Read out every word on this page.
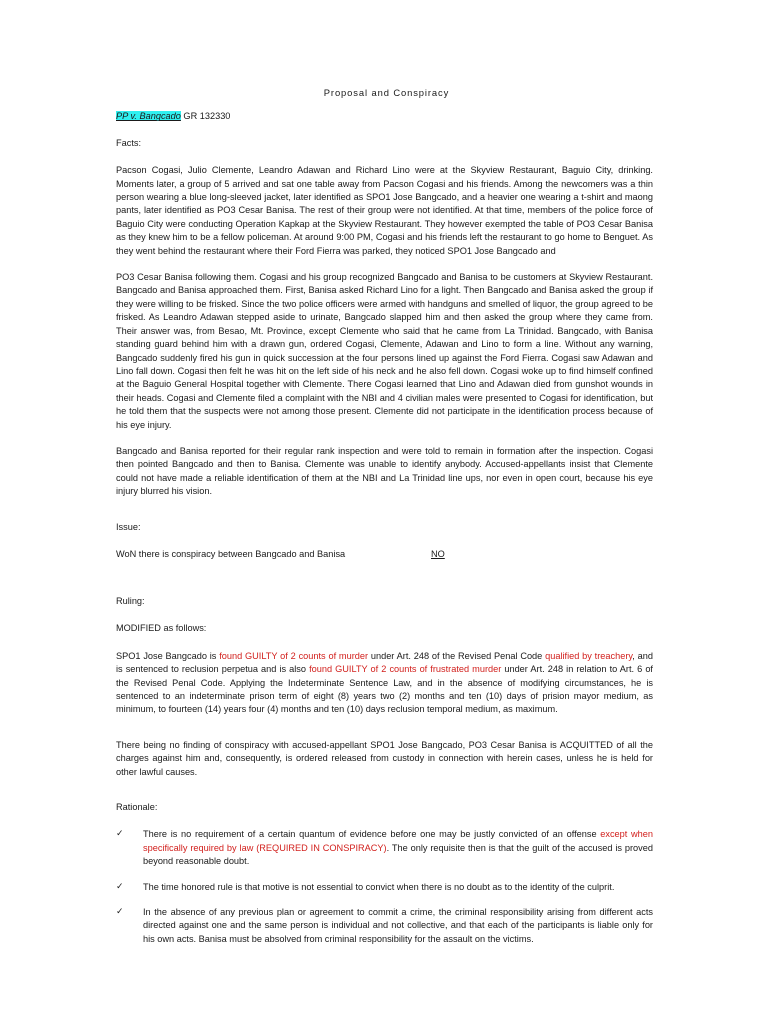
Proposal and Conspiracy
PP v. Bangcado GR 132330
Facts:

Pacson Cogasi, Julio Clemente, Leandro Adawan and Richard Lino were at the Skyview Restaurant, Baguio City, drinking. Moments later, a group of 5 arrived and sat one table away from Pacson Cogasi and his friends. Among the newcomers was a thin person wearing a blue long-sleeved jacket, later identified as SPO1 Jose Bangcado, and a heavier one wearing a t-shirt and maong pants, later identified as PO3 Cesar Banisa. The rest of their group were not identified. At that time, members of the police force of Baguio City were conducting Operation Kapkap at the Skyview Restaurant. They however exempted the table of PO3 Cesar Banisa as they knew him to be a fellow policeman. At around 9:00 PM, Cogasi and his friends left the restaurant to go home to Benguet. As they went behind the restaurant where their Ford Fierra was parked, they noticed SPO1 Jose Bangcado and

PO3 Cesar Banisa following them. Cogasi and his group recognized Bangcado and Banisa to be customers at Skyview Restaurant. Bangcado and Banisa approached them. First, Banisa asked Richard Lino for a light. Then Bangcado and Banisa asked the group if they were willing to be frisked. Since the two police officers were armed with handguns and smelled of liquor, the group agreed to be frisked. As Leandro Adawan stepped aside to urinate, Bangcado slapped him and then asked the group where they came from. Their answer was, from Besao, Mt. Province, except Clemente who said that he came from La Trinidad. Bangcado, with Banisa standing guard behind him with a drawn gun, ordered Cogasi, Clemente, Adawan and Lino to form a line. Without any warning, Bangcado suddenly fired his gun in quick succession at the four persons lined up against the Ford Fierra. Cogasi saw Adawan and Lino fall down. Cogasi then felt he was hit on the left side of his neck and he also fell down. Cogasi woke up to find himself confined at the Baguio General Hospital together with Clemente. There Cogasi learned that Lino and Adawan died from gunshot wounds in their heads. Cogasi and Clemente filed a complaint with the NBI and 4 civilian males were presented to Cogasi for identification, but he told them that the suspects were not among those present. Clemente did not participate in the identification process because of his eye injury.

Bangcado and Banisa reported for their regular rank inspection and were told to remain in formation after the inspection. Cogasi then pointed Bangcado and then to Banisa. Clemente was unable to identify anybody. Accused-appellants insist that Clemente could not have made a reliable identification of them at the NBI and La Trinidad line ups, nor even in open court, because his eye injury blurred his vision.

Issue:
WoN there is conspiracy between Bangcado and Banisa	NO
Ruling:
MODIFIED as follows:

SPO1 Jose Bangcado is found GUILTY of 2 counts of murder under Art. 248 of the Revised Penal Code qualified by treachery, and is sentenced to reclusion perpetua and is also found GUILTY of 2 counts of frustrated murder under Art. 248 in relation to Art. 6 of the Revised Penal Code. Applying the Indeterminate Sentence Law, and in the absence of modifying circumstances, he is sentenced to an indeterminate prison term of eight (8) years two (2) months and ten (10) days of prision mayor medium, as minimum, to fourteen (14) years four (4) months and ten (10) days reclusion temporal medium, as maximum.

There being no finding of conspiracy with accused-appellant SPO1 Jose Bangcado, PO3 Cesar Banisa is ACQUITTED of all the charges against him and, consequently, is ordered released from custody in connection with herein cases, unless he is held for other lawful causes.

Rationale:
✓	There is no requirement of a certain quantum of evidence before one may be justly convicted of an offense except when specifically required by law (REQUIRED IN CONSPIRACY). The only requisite then is that the guilt of the accused is proved beyond reasonable doubt.

✓	The time honored rule is that motive is not essential to convict when there is no doubt as to the identity of the culprit.

✓	In the absence of any previous plan or agreement to commit a crime, the criminal responsibility arising from different acts directed against one and the same person is individual and not collective, and that each of the participants is liable only for his own acts. Banisa must be absolved from criminal responsibility for the assault on the victims.
